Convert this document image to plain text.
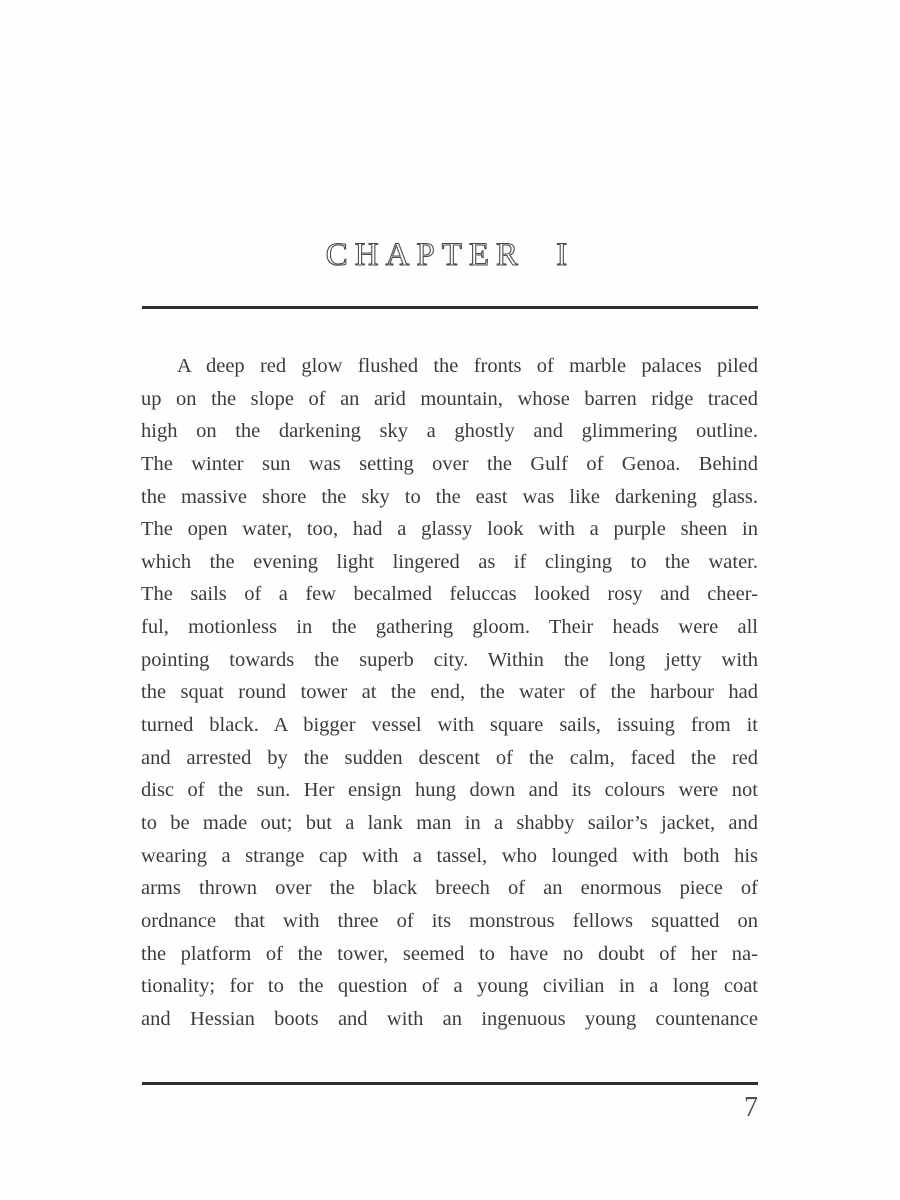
CHAPTER I
A deep red glow flushed the fronts of marble palaces piled
up on the slope of an arid mountain, whose barren ridge traced
high on the darkening sky a ghostly and glimmering outline.
The winter sun was setting over the Gulf of Genoa. Behind
the massive shore the sky to the east was like darkening glass.
The open water, too, had a glassy look with a purple sheen in
which the evening light lingered as if clinging to the water.
The sails of a few becalmed feluccas looked rosy and cheer-
ful, motionless in the gathering gloom. Their heads were all
pointing towards the superb city. Within the long jetty with
the squat round tower at the end, the water of the harbour had
turned black. A bigger vessel with square sails, issuing from it
and arrested by the sudden descent of the calm, faced the red
disc of the sun. Her ensign hung down and its colours were not
to be made out; but a lank man in a shabby sailor’s jacket, and
wearing a strange cap with a tassel, who lounged with both his
arms thrown over the black breech of an enormous piece of
ordnance that with three of its monstrous fellows squatted on
the platform of the tower, seemed to have no doubt of her na-
tionality; for to the question of a young civilian in a long coat
and Hessian boots and with an ingenuous young countenance
7
